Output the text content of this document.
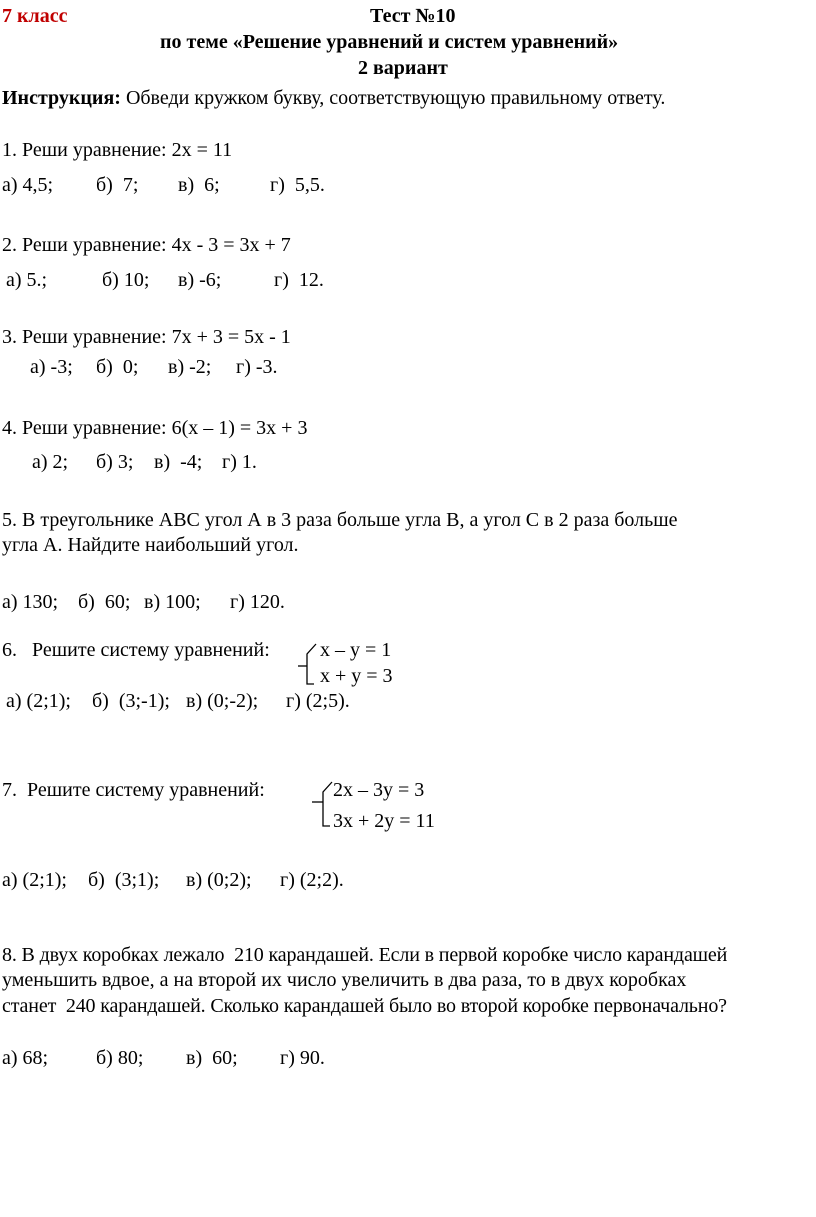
7 класс	Тест №10
по теме «Решение уравнений и систем уравнений»
2 вариант
Инструкция: Обведи кружком букву, соответствующую правильному ответу.
1. Реши уравнение: 2х = 11
а) 4,5; б)  7; в)  6;	г)  5,5.
2. Реши уравнение: 4х - 3 = 3х + 7
а) 5.;	б) 10; в) -6;	г)  12.
3. Реши уравнение: 7х + 3 = 5х - 1
а) -3; б)  0; в) -2; г) -3.
4. Реши уравнение: 6(х – 1) = 3х + 3
а) 2; б) 3; в)  -4; г) 1.
5. В треугольнике АВС угол А в 3 раза больше угла В, а угол С в 2 раза больше
угла А. Найдите наибольший угол.
а) 130; б)  60; в) 100; г) 120.
6.   Решите систему уравнений:	х – у = 1
х + у = 3
а) (2;1); б)  (3;-1); в) (0;-2); г) (2;5).
7.  Решите систему уравнений:	2х – 3у = 3
3х + 2у = 11
а) (2;1); б)  (3;1); в) (0;2); г) (2;2).
8. В двух коробках лежало  210 карандашей. Если в первой коробке число карандашей
уменьшить вдвое, а на второй их число увеличить в два раза, то в двух коробках
станет  240 карандашей. Сколько карандашей было во второй коробке первоначально?
а) 68; б) 80; в)  60; г) 90.
